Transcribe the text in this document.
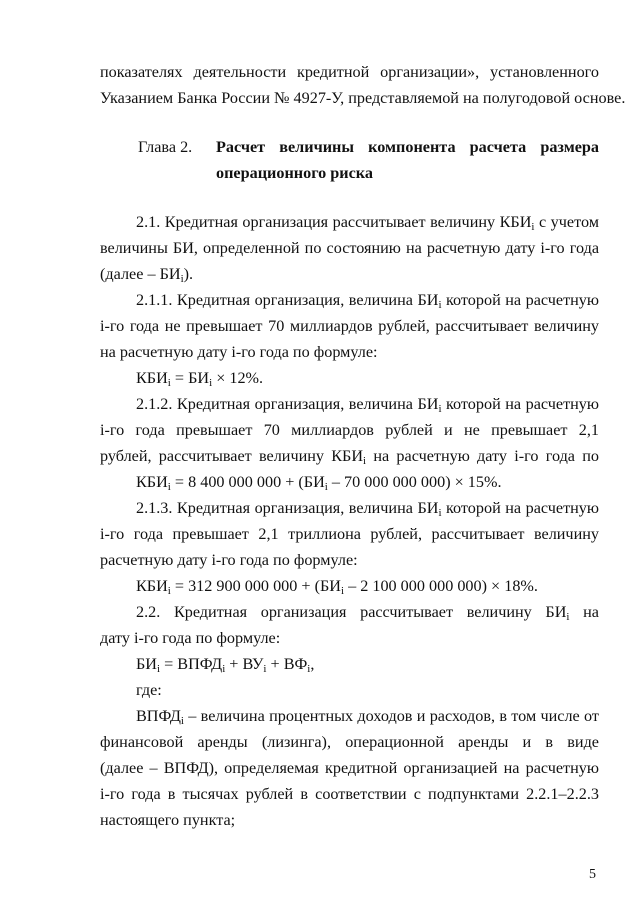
показателях деятельности кредитной организации», установленного
Указанием Банка России № 4927-У, представляемой на полугодовой основе.
Глава 2. Расчет величины компонента расчета размера
операционного риска
2.1. Кредитная организация рассчитывает величину $КБИ_i$ с учетом
величины БИ, определенной по состоянию на расчетную дату i-го года
(далее – $БИ_i$).
2.1.1. Кредитная организация, величина $БИ_i$ которой на расчетную
i-го года не превышает 70 миллиардов рублей, рассчитывает величину
на расчетную дату i-го года по формуле:
$КБИ_i = БИ_i \times 12\%$.
2.1.2. Кредитная организация, величина $БИ_i$ которой на расчетную
i-го года превышает 70 миллиардов рублей и не превышает 2,1
рублей, рассчитывает величину $КБИ_i$ на расчетную дату i-го года по
$КБИ_i = 8$ 400 000 $000 + (БИ_i - 70$ 000 000 000) × 15%.
2.1.3. Кредитная организация, величина $БИ_i$ которой на расчетную
i-го года превышает 2,1 триллиона рублей, рассчитывает величину
расчетную дату i-го года по формуле:
$КБИ_i = 312$ 900 000 $000 + (БИ_i - 2$ 100 000 000 000) × 18%.
2.2. Кредитная организация рассчитывает величину $БИ_i$ на
дату i-го года по формуле:
$БИ_i$ = $ВПФД_i + ВУ_i + ВФ_i$,
где:
$ВПФД_i$ – величина процентных доходов и расходов, в том числе от
финансовой аренды (лизинга), операционной аренды и в виде
(далее – ВПФД), определяемая кредитной организацией на расчетную
i-го года в тысячах рублей в соответствии с подпунктами 2.2.1–2.2.3
настоящего пункта;
5
